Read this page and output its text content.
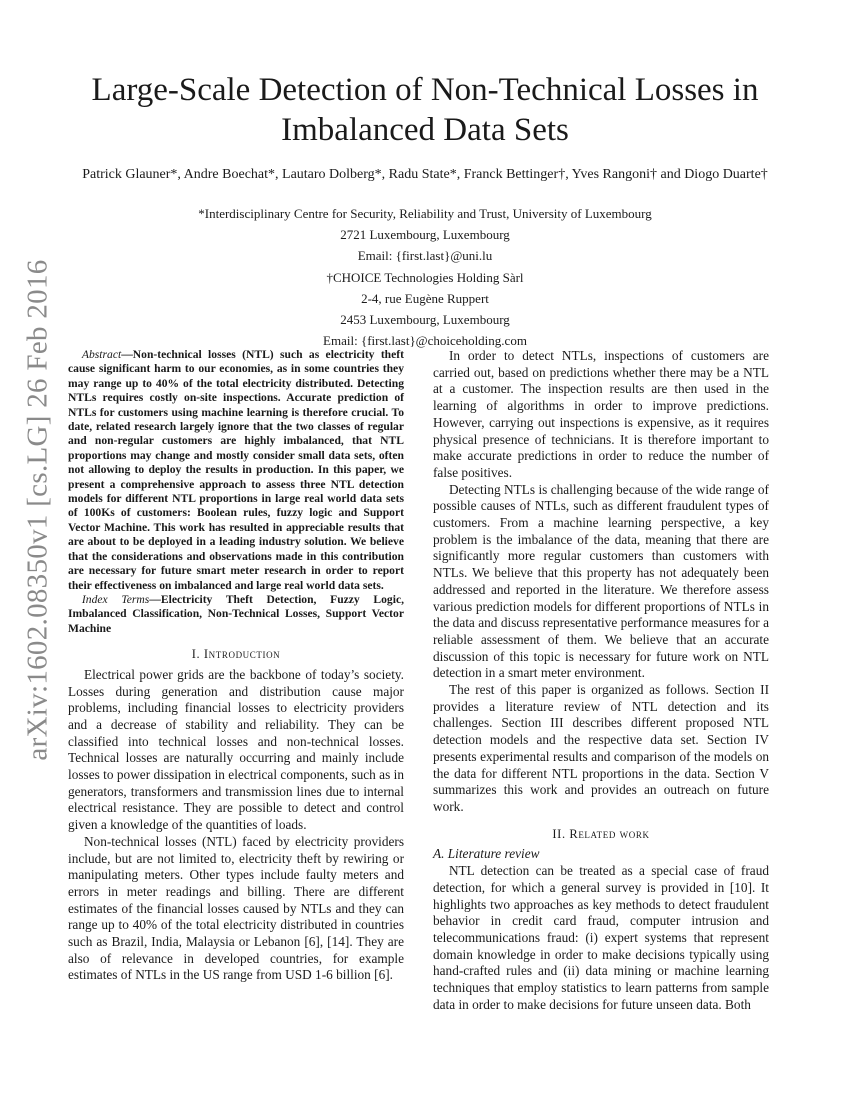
arXiv:1602.08350v1 [cs.LG] 26 Feb 2016
Large-Scale Detection of Non-Technical Losses in Imbalanced Data Sets
Patrick Glauner*, Andre Boechat*, Lautaro Dolberg*, Radu State*, Franck Bettinger†, Yves Rangoni† and Diogo Duarte†
*Interdisciplinary Centre for Security, Reliability and Trust, University of Luxembourg
2721 Luxembourg, Luxembourg
Email: {first.last}@uni.lu
†CHOICE Technologies Holding Sàrl
2-4, rue Eugène Ruppert
2453 Luxembourg, Luxembourg
Email: {first.last}@choiceholding.com

Abstract—Non-technical losses (NTL) such as electricity theft cause significant harm to our economies, as in some countries they may range up to 40% of the total electricity distributed. Detecting NTLs requires costly on-site inspections. Accurate prediction of NTLs for customers using machine learning is therefore crucial. To date, related research largely ignore that the two classes of regular and non-regular customers are highly imbalanced, that NTL proportions may change and mostly consider small data sets, often not allowing to deploy the results in production. In this paper, we present a comprehensive approach to assess three NTL detection models for different NTL proportions in large real world data sets of 100Ks of customers: Boolean rules, fuzzy logic and Support Vector Machine. This work has resulted in appreciable results that are about to be deployed in a leading industry solution. We believe that the considerations and observations made in this contribution are necessary for future smart meter research in order to report their effectiveness on imbalanced and large real world data sets.

Index Terms—Electricity Theft Detection, Fuzzy Logic, Imbalanced Classification, Non-Technical Losses, Support Vector Machine

I. Introduction

Electrical power grids are the backbone of today’s society. Losses during generation and distribution cause major problems, including financial losses to electricity providers and a decrease of stability and reliability. They can be classified into technical losses and non-technical losses. Technical losses are naturally occurring and mainly include losses to power dissipation in electrical components, such as in generators, transformers and transmission lines due to internal electrical resistance. They are possible to detect and control given a knowledge of the quantities of loads.

Non-technical losses (NTL) faced by electricity providers include, but are not limited to, electricity theft by rewiring or manipulating meters. Other types include faulty meters and errors in meter readings and billing. There are different estimates of the financial losses caused by NTLs and they can range up to 40% of the total electricity distributed in countries such as Brazil, India, Malaysia or Lebanon [6], [14]. They are also of relevance in developed countries, for example estimates of NTLs in the US range from USD 1-6 billion [6].

In order to detect NTLs, inspections of customers are carried out, based on predictions whether there may be a NTL at a customer. The inspection results are then used in the learning of algorithms in order to improve predictions. However, carrying out inspections is expensive, as it requires physical presence of technicians. It is therefore important to make accurate predictions in order to reduce the number of false positives.

Detecting NTLs is challenging because of the wide range of possible causes of NTLs, such as different fraudulent types of customers. From a machine learning perspective, a key problem is the imbalance of the data, meaning that there are significantly more regular customers than customers with NTLs. We believe that this property has not adequately been addressed and reported in the literature. We therefore assess various prediction models for different proportions of NTLs in the data and discuss representative performance measures for a reliable assessment of them. We believe that an accurate discussion of this topic is necessary for future work on NTL detection in a smart meter environment.

The rest of this paper is organized as follows. Section II provides a literature review of NTL detection and its challenges. Section III describes different proposed NTL detection models and the respective data set. Section IV presents experimental results and comparison of the models on the data for different NTL proportions in the data. Section V summarizes this work and provides an outreach on future work.

II. Related work
A. Literature review

NTL detection can be treated as a special case of fraud detection, for which a general survey is provided in [10]. It highlights two approaches as key methods to detect fraudulent behavior in credit card fraud, computer intrusion and telecommunications fraud: (i) expert systems that represent domain knowledge in order to make decisions typically using hand-crafted rules and (ii) data mining or machine learning techniques that employ statistics to learn patterns from sample data in order to make decisions for future unseen data. Both
